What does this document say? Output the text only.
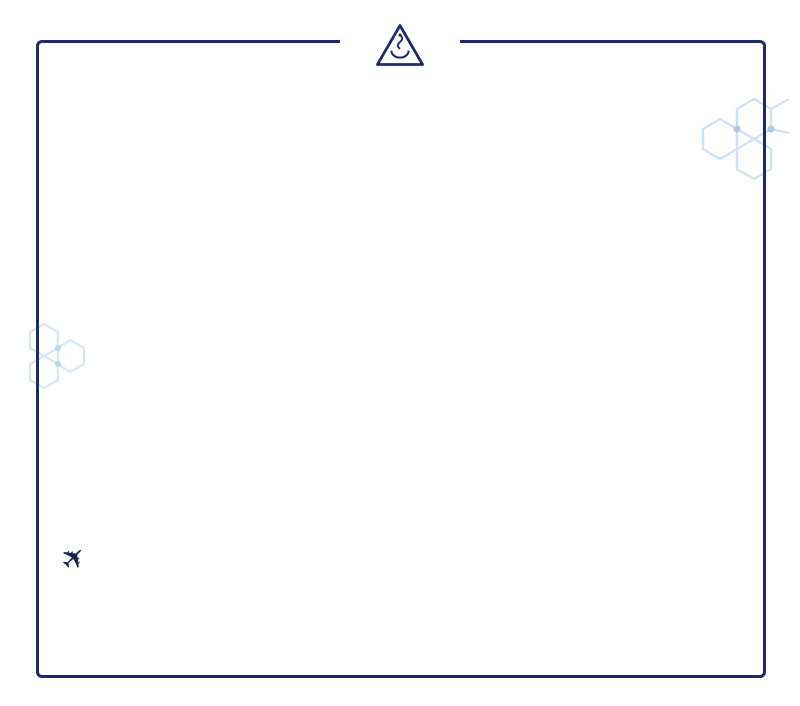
✈
